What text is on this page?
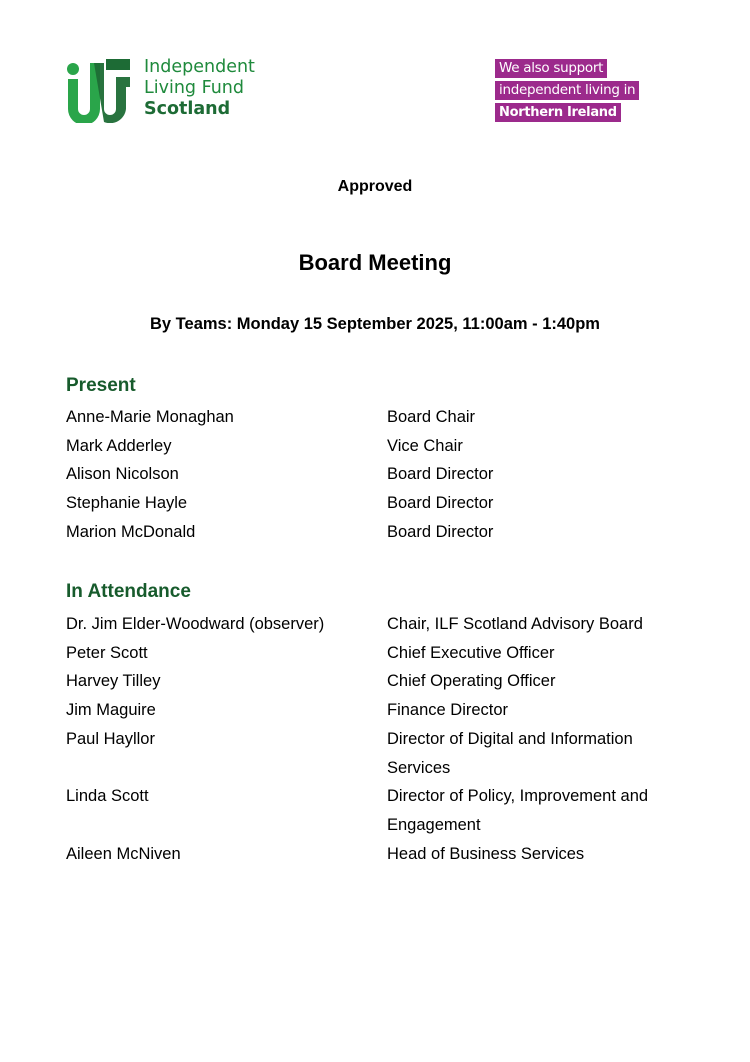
Independent
Living Fund
Scotland
We also support
independent living in
Northern Ireland
Approved
Board Meeting
By Teams: Monday 15 September 2025, 11:00am - 1:40pm
Present
Anne-Marie Monaghan	Board Chair
Mark Adderley	Vice Chair
Alison Nicolson	Board Director
Stephanie Hayle	Board Director
Marion McDonald	Board Director
In Attendance
Dr. Jim Elder-Woodward (observer)	Chair, ILF Scotland Advisory Board
Peter Scott	Chief Executive Officer
Harvey Tilley	Chief Operating Officer
Jim Maguire	Finance Director
Paul Hayllor	Director of Digital and Information Services
Linda Scott	Director of Policy, Improvement and Engagement
Aileen McNiven	Head of Business Services
